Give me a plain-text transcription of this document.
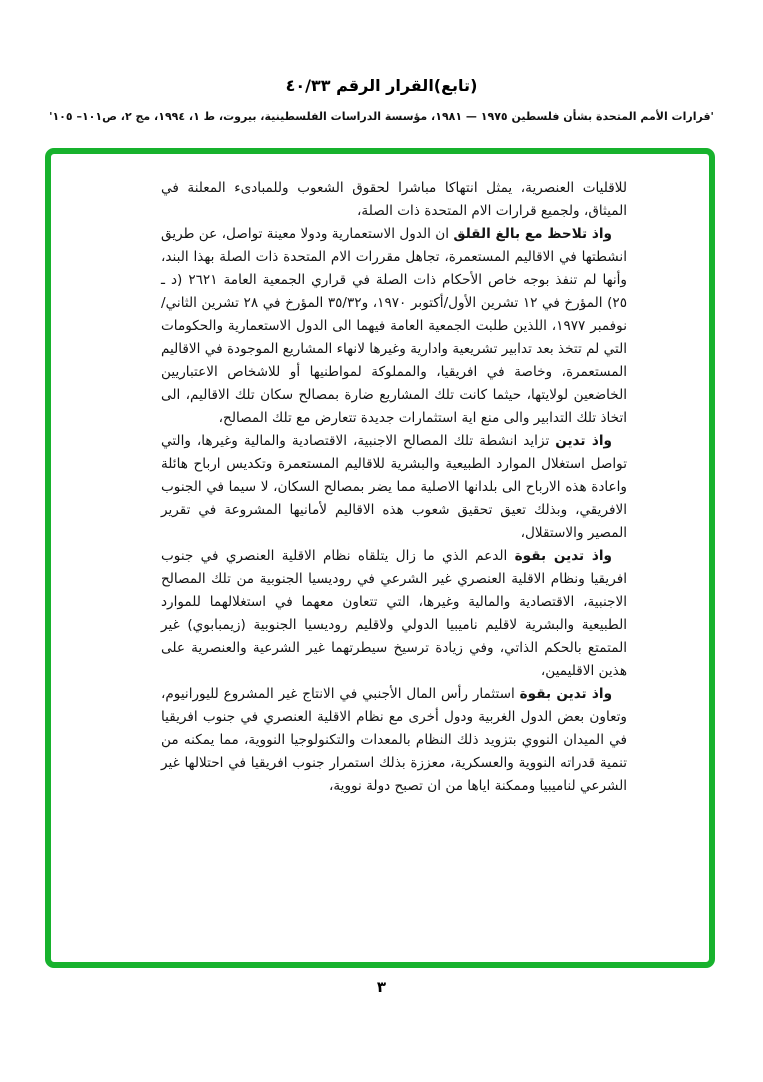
(تابع)القرار الرقم ٤٠/٣٣
'قرارات الأمم المتحدة بشأن فلسطين ١٩٧٥ — ١٩٨١، مؤسسة الدراسات الفلسطينية، بيروت، ط ١، ١٩٩٤، مج ٢، ص١٠١– ١٠٥'

للاقليات العنصرية، يمثل انتهاكا مباشرا لحقوق الشعوب وللمبادىء المعلنة في الميثاق، ولجميع قرارات الام المتحدة ذات الصلة،

واذ تلاحظ مع بالغ القلق ان الدول الاستعمارية ودولا معينة تواصل، عن طريق انشطتها في الاقاليم المستعمرة، تجاهل مقررات الام المتحدة ذات الصلة بهذا البند، وأنها لم تنفذ بوجه خاص الأحكام ذات الصلة في قراري الجمعية العامة ٢٦٢١ (د ـ ٢٥) المؤرخ في ١٢ تشرين الأول/أكتوبر ١٩٧٠، و٣٥/٣٢ المؤرخ في ٢٨ تشرين الثاني/نوفمبر ١٩٧٧، اللذين طلبت الجمعية العامة فيهما الى الدول الاستعمارية والحكومات التي لم تتخذ بعد تدابير تشريعية وادارية وغيرها لانهاء المشاريع الموجودة في الاقاليم المستعمرة، وخاصة في افريقيا، والمملوكة لمواطنيها أو للاشخاص الاعتباريين الخاضعين لولايتها، حيثما كانت تلك المشاريع ضارة بمصالح سكان تلك الاقاليم، الى اتخاذ تلك التدابير والى منع اية استثمارات جديدة تتعارض مع تلك المصالح،

واذ تدين تزايد انشطة تلك المصالح الاجنبية، الاقتصادية والمالية وغيرها، والتي تواصل استغلال الموارد الطبيعية والبشرية للاقاليم المستعمرة وتكديس ارباح هائلة واعادة هذه الارباح الى بلدانها الاصلية مما يضر بمصالح السكان، لا سيما في الجنوب الافريقي، وبذلك تعيق تحقيق شعوب هذه الاقاليم لأمانيها المشروعة في تقرير المصير والاستقلال،

واذ تدين بقوة الدعم الذي ما زال يتلقاه نظام الاقلية العنصري في جنوب افريقيا ونظام الاقلية العنصري غير الشرعي في روديسيا الجنوبية من تلك المصالح الاجنبية، الاقتصادية والمالية وغيرها، التي تتعاون معهما في استغلالهما للموارد الطبيعية والبشرية لاقليم ناميبيا الدولي ولاقليم روديسيا الجنوبية (زيمبابوي) غير المتمتع بالحكم الذاتي، وفي زيادة ترسيخ سيطرتهما غير الشرعية والعنصرية على هذين الاقليمين،

واذ تدين بقوة استثمار رأس المال الأجنبي في الانتاج غير المشروع لليورانيوم، وتعاون بعض الدول الغربية ودول أخرى مع نظام الاقلية العنصري في جنوب افريقيا في الميدان النووي بتزويد ذلك النظام بالمعدات والتكنولوجيا النووية، مما يمكنه من تنمية قدراته النووية والعسكرية، معززة بذلك استمرار جنوب افريقيا في احتلالها غير الشرعي لناميبيا وممكنة اياها من ان تصبح دولة نووية،

٣
